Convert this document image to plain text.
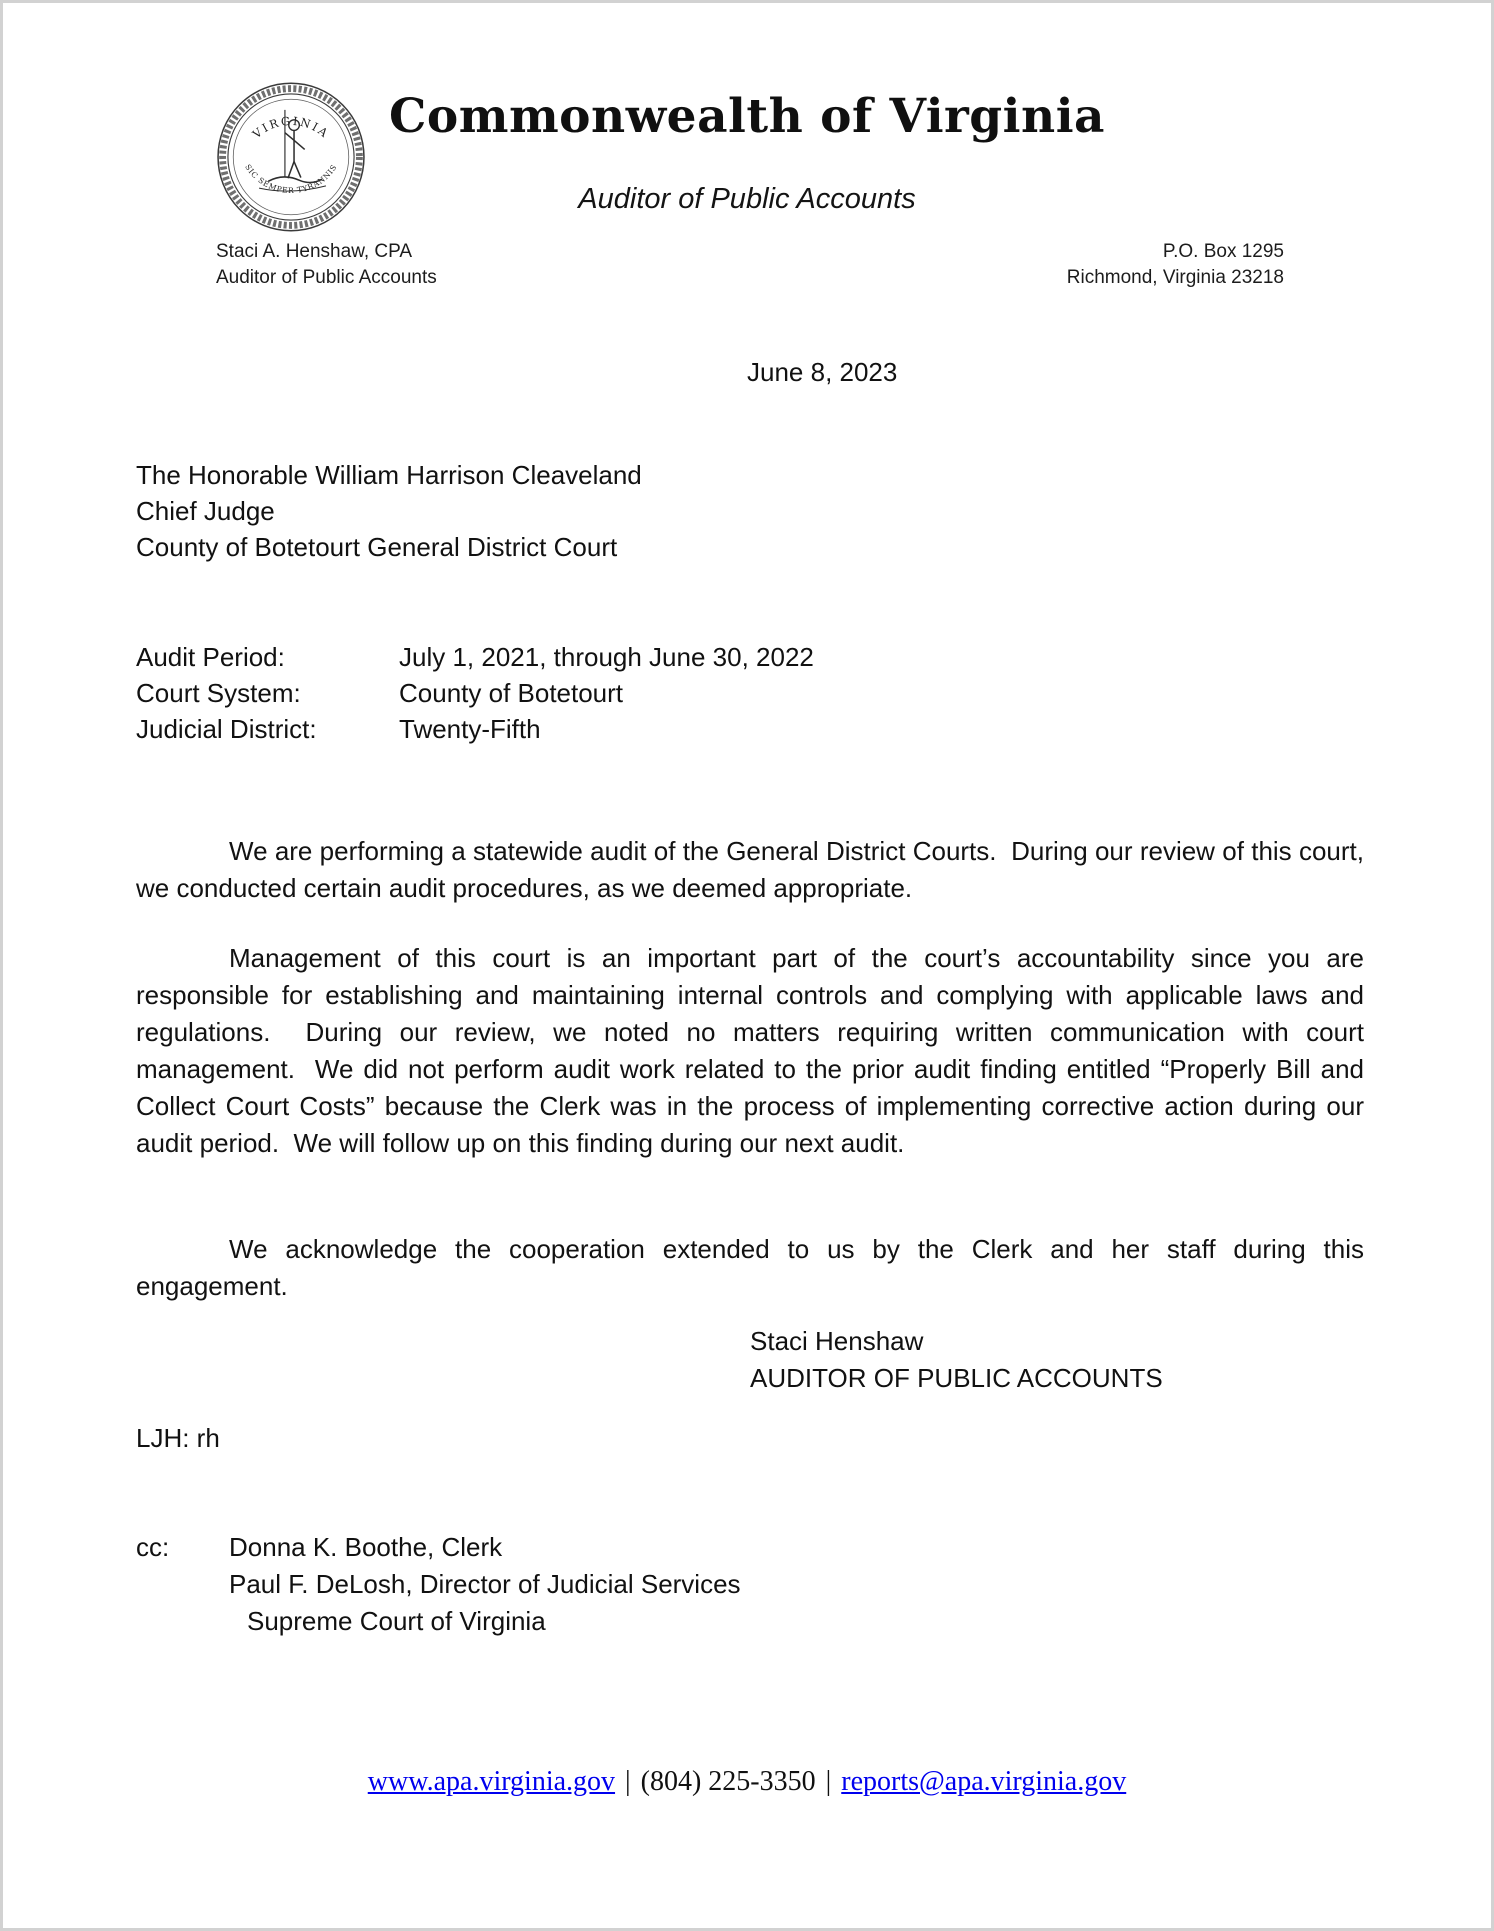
VIRGINIA
SIC SEMPER TYRANNIS
Commonwealth of Virginia
Auditor of Public Accounts
Staci A. Henshaw, CPA
Auditor of Public Accounts
P.O. Box 1295
Richmond, Virginia 23218
June 8, 2023
The Honorable William Harrison Cleaveland
Chief Judge
County of Botetourt General District Court
Audit Period:	July 1, 2021, through June 30, 2022
Court System:	County of Botetourt
Judicial District:	Twenty-Fifth
We are performing a statewide audit of the General District Courts.  During our review of this court, we conducted certain audit procedures, as we deemed appropriate.
Management of this court is an important part of the court’s accountability since you are responsible for establishing and maintaining internal controls and complying with applicable laws and regulations.  During our review, we noted no matters requiring written communication with court management.  We did not perform audit work related to the prior audit finding entitled “Properly Bill and Collect Court Costs” because the Clerk was in the process of implementing corrective action during our audit period.  We will follow up on this finding during our next audit.
We acknowledge the cooperation extended to us by the Clerk and her staff during this engagement.
Staci Henshaw
AUDITOR OF PUBLIC ACCOUNTS
LJH: rh
cc:	Donna K. Boothe, Clerk
Paul F. DeLosh, Director of Judicial Services
Supreme Court of Virginia
www.apa.virginia.gov | (804) 225-3350 | reports@apa.virginia.gov
